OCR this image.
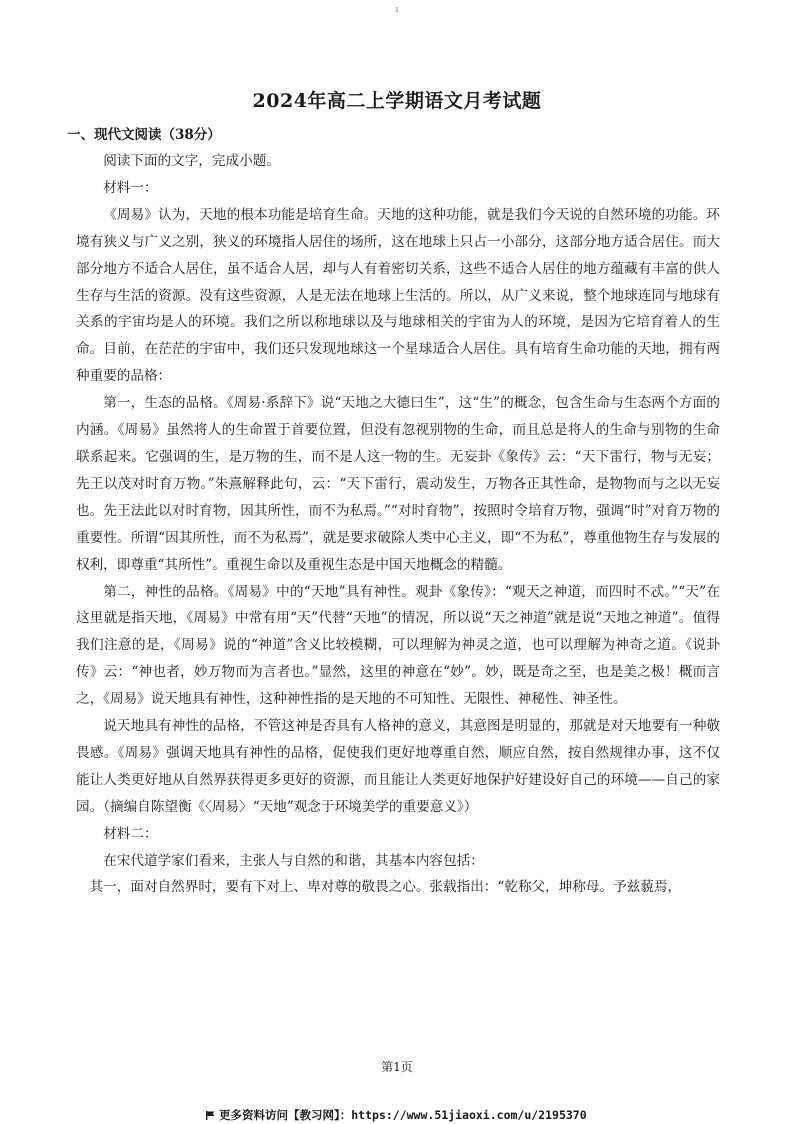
1
2024年高二上学期语文月考试题
一、现代文阅读（38分）

阅读下面的文字，完成小题。

材料一：

《周易》认为，天地的根本功能是培育生命。天地的这种功能，就是我们今天说的自然环境的功能。环境有狭义与广义之别，狭义的环境指人居住的场所，这在地球上只占一小部分，这部分地方适合居住。而大部分地方不适合人居住，虽不适合人居，却与人有着密切关系，这些不适合人居住的地方蕴藏有丰富的供人生存与生活的资源。没有这些资源，人是无法在地球上生活的。所以，从广义来说，整个地球连同与地球有关系的宇宙均是人的环境。我们之所以称地球以及与地球相关的宇宙为人的环境，是因为它培育着人的生命。目前，在茫茫的宇宙中，我们还只发现地球这一个星球适合人居住。具有培育生命功能的天地，拥有两种重要的品格：

第一，生态的品格。《周易·系辞下》说“天地之大德曰生”，这“生”的概念，包含生命与生态两个方面的内涵。《周易》虽然将人的生命置于首要位置，但没有忽视别物的生命，而且总是将人的生命与别物的生命联系起来。它强调的生，是万物的生，而不是人这一物的生。无妄卦《象传》云：“天下雷行，物与无妄；先王以茂对时育万物。”朱熹解释此句，云：“天下雷行，震动发生，万物各正其性命，是物物而与之以无妄也。先王法此以对时育物，因其所性，而不为私焉。”“对时育物”，按照时令培育万物，强调“时”对育万物的重要性。所谓“因其所性，而不为私焉”，就是要求破除人类中心主义，即“不为私”，尊重他物生存与发展的权利，即尊重“其所性”。重视生命以及重视生态是中国天地概念的精髓。

第二，神性的品格。《周易》中的“天地”具有神性。观卦《象传》：“观天之神道，而四时不忒。”“天”在这里就是指天地，《周易》中常有用“天”代替“天地”的情况，所以说“天之神道”就是说“天地之神道”。值得我们注意的是，《周易》说的“神道”含义比较模糊，可以理解为神灵之道，也可以理解为神奇之道。《说卦传》云：“神也者，妙万物而为言者也。”显然，这里的神意在“妙”。妙，既是奇之至，也是美之极！概而言之，《周易》说天地具有神性，这种神性指的是天地的不可知性、无限性、神秘性、神圣性。

说天地具有神性的品格，不管这神是否具有人格神的意义，其意图是明显的，那就是对天地要有一种敬畏感。《周易》强调天地具有神性的品格，促使我们更好地尊重自然，顺应自然，按自然规律办事，这不仅能让人类更好地从自然界获得更多更好的资源，而且能让人类更好地保护好建设好自己的环境——自己的家园。（摘编自陈望衡《〈周易〉“天地”观念于环境美学的重要意义》）

材料二：

在宋代道学家们看来，主张人与自然的和谐，其基本内容包括：

其一，面对自然界时，要有下对上、卑对尊的敬畏之心。张载指出：“乾称父，坤称母。予兹藐焉，

第1页
更多资料访问【教习网】：https://www.51jiaoxi.com/u/2195370
